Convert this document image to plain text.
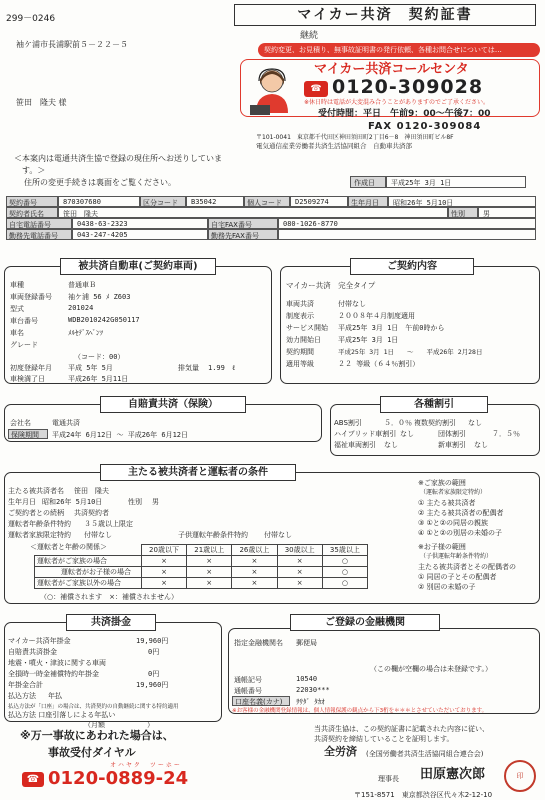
299－0246
袖ケ浦市長浦駅前５－２２－５
笹田　隆夫 様
マイカー共済　契約証書
継続
契約変更、お見積り、無事故証明書の発行依頼、各種お問合せについては…
マイカー共済コールセンタ
☎ 0120-309028
※休日時は電話が大変混み合うことがありますのでご了承ください。
受付時間：平日　午前9：00～午後7：00
FAX 0120-309084
〒101-0041　東京都千代田区神田須田町2丁目6－8　神田須田町ビル8F
電気通信産業労働者共済生活協同組合　自動車共済部
＜本案内は電通共済生協で登録の現住所へお送りしていま
す。＞
住所の変更手続きは裏面をご覧ください。	作成日 平成25年 3月 1日
契約番号	870307680	区分コード B35042	個人コード D2509274	生年月日 昭和26年 5月10日
契約者氏名	笹田　隆夫	性別	男
自宅電話番号	0438-63-2323	自宅FAX番号	080-1026-8770
勤務先電話番号	043-247-4205	勤務先FAX番号
被共済自動車(ご契約車両)
車種	普通車Ｂ
車両登録番号 袖ケ浦 56 ﾒ Z603
型式	201024
車台番号	WDB2010242G050117
車名	ﾒﾙｾﾃﾞｽﾍﾞﾝﾂ
グレード
（コード：00）
初度登録年月 平成 5年 5月	排気量 1.99　ℓ
車検満了日	平成26年 5月11日
ご契約内容
マイカー共済　完全タイプ
車両共済	付帯なし
制度表示	２００８年４月制度適用
サービス開始 平成25年 3月 1日　午前0時から
効力開始日 平成25年 3月 1日
契約期間	平成25年 3月 1日　　～　　平成26年 2月28日
適用等級	２２ 等級（６４％割引）
自賠責共済（保険）
会社名	電通共済
保険期間 平成24年 6月12日 ～ 平成26年 6月12日
各種割引
ABS割引	５．０％ 複数契約割引 なし
ハイブリッド車割引 なし	団体割引	７．５％
福祉車両割引 なし	新車割引 なし
主たる被共済者と運転者の条件
主たる被共済者名 笹田　隆夫
生年月日 昭和26年 5月10日	性別 男
ご契約者との続柄 共済契約者
運転者年齢条件特約 ３５歳以上限定
子供運転年齢条件特約 付帯なし
運転者家族限定特約 付帯なし
＜運転者と年齢の関係＞
		20歳以下	21歳以上	26歳以上	30歳以上	35歳以上
運転者がご家族の場合	×	×	×	×	○
運転者がお子様の場合	×	×	×	×	○
運転者がご家族以外の場合	×	×	×	×	○
（○：補償されます　×：補償されません）
※ご家族の範囲
（運転者家族限定特約）
① 主たる被共済者
② 主たる被共済者の配偶者
③ ①と②の同居の親族
④ ①と②の別居の未婚の子
※お子様の範囲
（子供運転年齢条件特約）
主たる被共済者とその配偶者の
① 同居の子とその配偶者
② 別居の未婚の子
共済掛金
マイカー共済年掛金	19,960円
自賠責共済掛金	0円
地震・噴火・津波に関する車両
全損時一時金補償特約年掛金	0円
年掛金合計	19,960円
払込方法 年払
払込方法が「口座」の場合は、共済契約の自動継続に関する特約適用
払込方法 口座引落しによる年払い
（月額　　　　　　）
ご登録の金融機関
指定金融機関名 郵便局
（この欄が空欄の場合は未登録です。）
通帳記号	10540
通帳番号	22030***
口座名義(カナ) ｻｻﾀﾞ ﾀｶｵ
※お客様の金融機関登録情報は、個人情報保護の観点から下3桁を＊＊＊とさせていただいております。
※万一事故にあわれた場合は、
事故受付ダイヤル
☎
オハヤク　ツーホー
0120-0889-24
当共済生協は、この契約証書に記載された内容に従い、
共済契約を締結していることを証明します。
全労済 (全国労働者共済生活協同組合連合会)
理事長 田原憲次郎	印
〒151-8571　東京都渋谷区代々木2-12-10
